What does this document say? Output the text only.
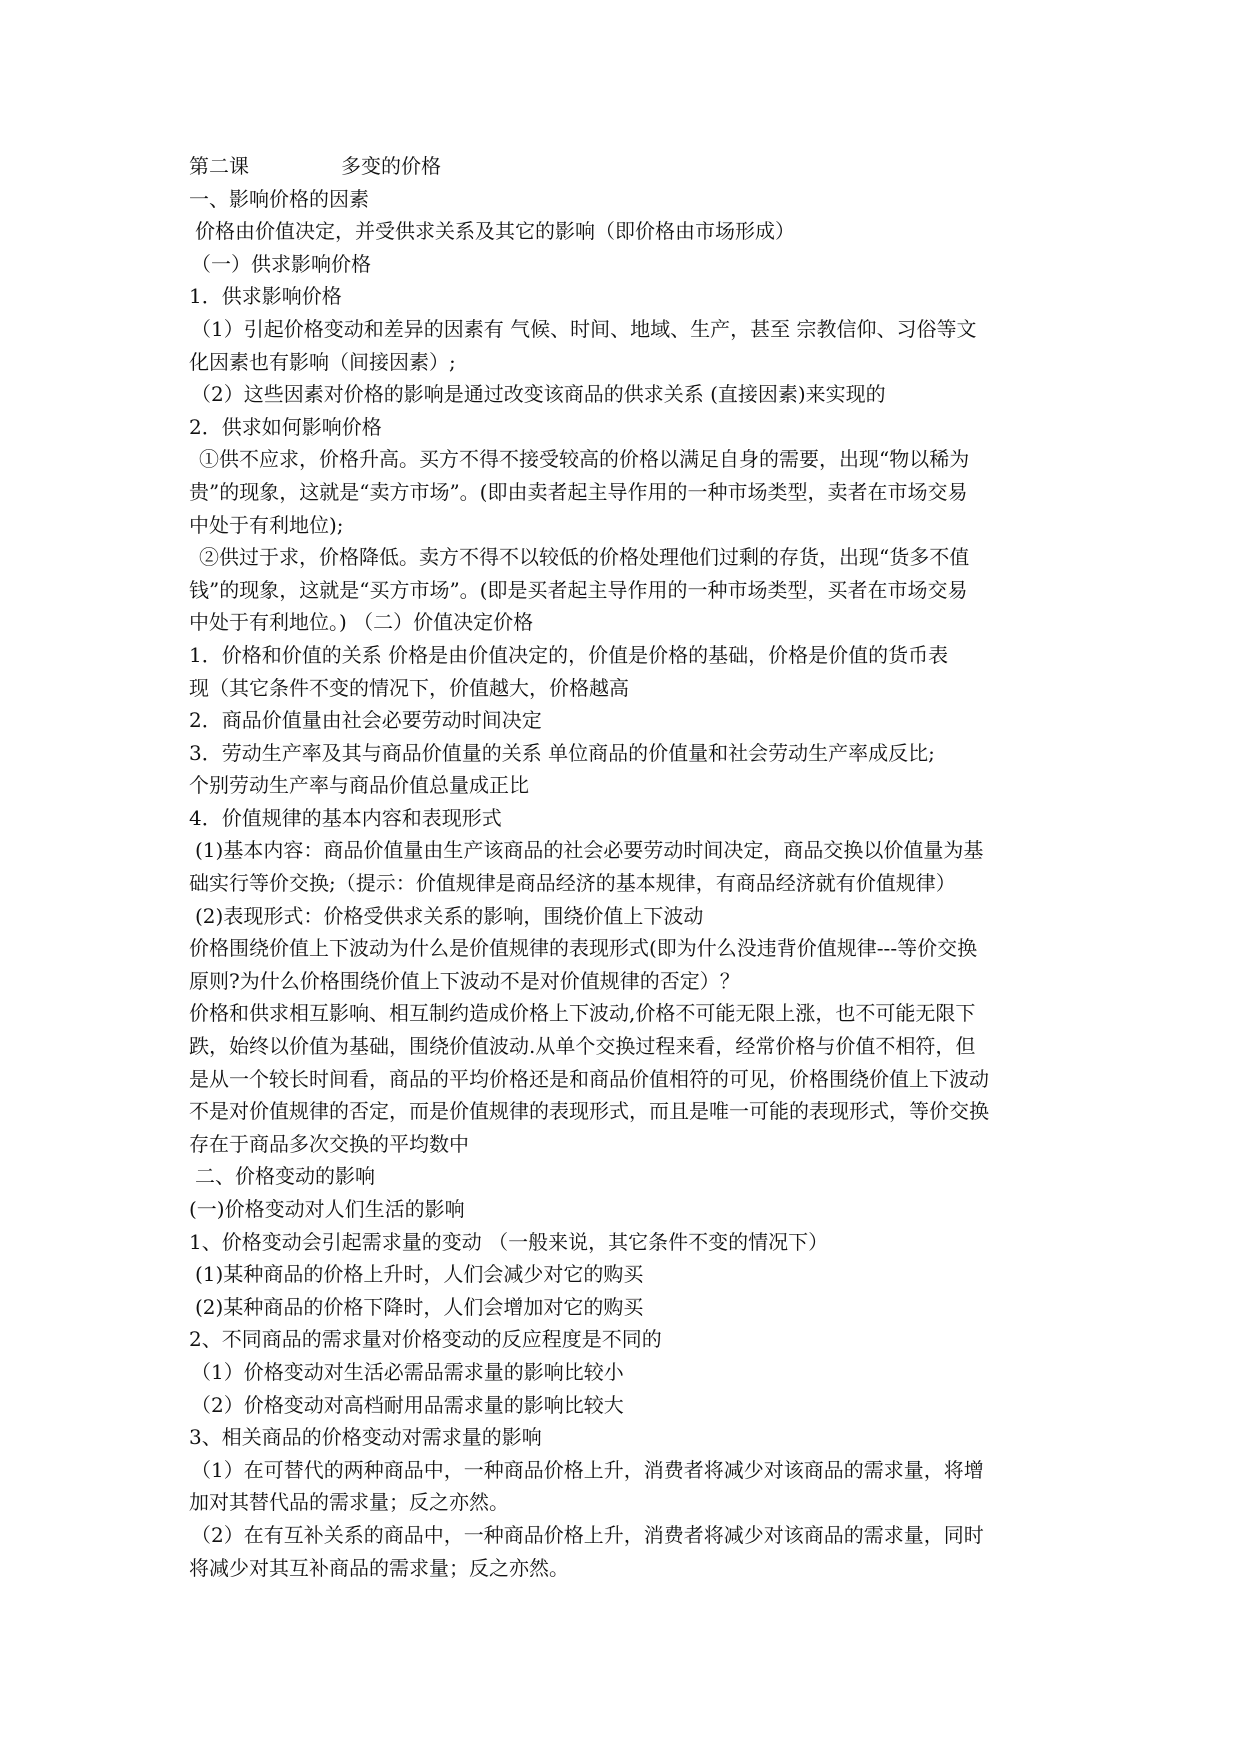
第二课	多变的价格
一、影响价格的因素
价格由价值决定，并受供求关系及其它的影响（即价格由市场形成）
（一）供求影响价格
1．供求影响价格
（1）引起价格变动和差异的因素有 气候、时间、地域、生产，甚至 宗教信仰、习俗等文
化因素也有影响（间接因素）;
（2）这些因素对价格的影响是通过改变该商品的供求关系 (直接因素)来实现的
2．供求如何影响价格
①供不应求，价格升高。买方不得不接受较高的价格以满足自身的需要，出现“物以稀为
贵”的现象，这就是“卖方市场”。(即由卖者起主导作用的一种市场类型，卖者在市场交易
中处于有利地位);
②供过于求，价格降低。卖方不得不以较低的价格处理他们过剩的存货，出现“货多不值
钱”的现象，这就是“买方市场”。(即是买者起主导作用的一种市场类型，买者在市场交易
中处于有利地位。) （二）价值决定价格
1．价格和价值的关系 价格是由价值决定的，价值是价格的基础，价格是价值的货币表
现（其它条件不变的情况下，价值越大，价格越高
2．商品价值量由社会必要劳动时间决定
3．劳动生产率及其与商品价值量的关系 单位商品的价值量和社会劳动生产率成反比;
个别劳动生产率与商品价值总量成正比
4．价值规律的基本内容和表现形式
(1)基本内容：商品价值量由生产该商品的社会必要劳动时间决定，商品交换以价值量为基
础实行等价交换;（提示：价值规律是商品经济的基本规律，有商品经济就有价值规律）
(2)表现形式：价格受供求关系的影响，围绕价值上下波动
价格围绕价值上下波动为什么是价值规律的表现形式(即为什么没违背价值规律---等价交换
原则?为什么价格围绕价值上下波动不是对价值规律的否定）？
价格和供求相互影响、相互制约造成价格上下波动,价格不可能无限上涨，也不可能无限下
跌，始终以价值为基础，围绕价值波动.从单个交换过程来看，经常价格与价值不相符，但
是从一个较长时间看，商品的平均价格还是和商品价值相符的可见，价格围绕价值上下波动
不是对价值规律的否定，而是价值规律的表现形式，而且是唯一可能的表现形式，等价交换
存在于商品多次交换的平均数中
二、价格变动的影响
(一)价格变动对人们生活的影响
1、价格变动会引起需求量的变动 （一般来说，其它条件不变的情况下）
(1)某种商品的价格上升时，人们会减少对它的购买
(2)某种商品的价格下降时，人们会增加对它的购买
2、不同商品的需求量对价格变动的反应程度是不同的
（1）价格变动对生活必需品需求量的影响比较小
（2）价格变动对高档耐用品需求量的影响比较大
3、相关商品的价格变动对需求量的影响
（1）在可替代的两种商品中，一种商品价格上升，消费者将减少对该商品的需求量，将增
加对其替代品的需求量；反之亦然。
（2）在有互补关系的商品中，一种商品价格上升，消费者将减少对该商品的需求量，同时
将减少对其互补商品的需求量；反之亦然。
